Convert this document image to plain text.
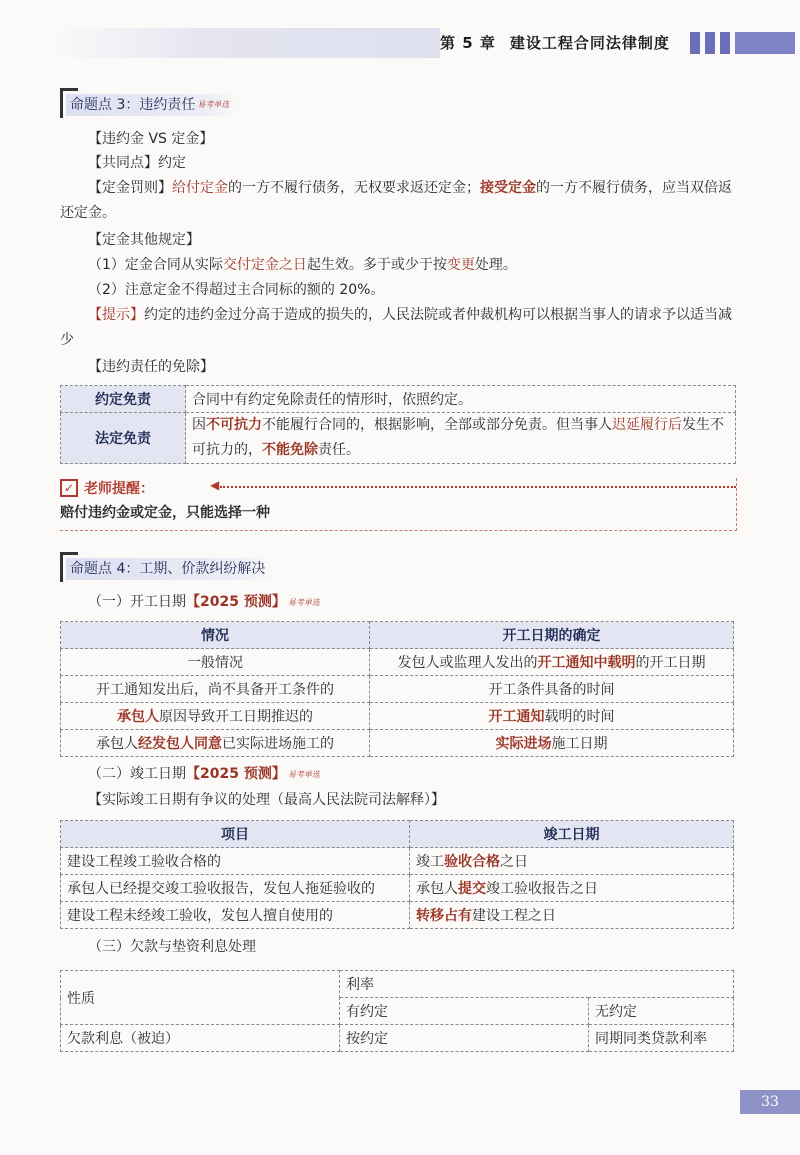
第 5 章 建设工程合同法律制度
命题点 3：违约责任 $^{易考单选}$
【违约金 VS 定金】
【共同点】约定
【定金罚则】给付定金的一方不履行债务，无权要求返还定金；接受定金的一方不履行债务，应当双倍返还定金。
【定金其他规定】
（1）定金合同从实际交付定金之日起生效。多于或少于按变更处理。
（2）注意定金不得超过主合同标的额的 20%。
【提示】约定的违约金过分高于造成的损失的，人民法院或者仲裁机构可以根据当事人的请求予以适当减少
【违约责任的免除】
约定免责	合同中有约定免除责任的情形时，依照约定。
法定免责	因不可抗力不能履行合同的，根据影响，全部或部分免责。但当事人迟延履行后发生不可抗力的，不能免除责任。
✓ 老师提醒：	◀
赔付违约金或定金，只能选择一种
命题点 4：工期、价款纠纷解决
（一）开工日期【2025 预测】 $^{易考单选}$
情况	开工日期的确定
一般情况	发包人或监理人发出的开工通知中载明的开工日期
开工通知发出后，尚不具备开工条件的	开工条件具备的时间
承包人原因导致开工日期推迟的	开工通知载明的时间
承包人经发包人同意已实际进场施工的	实际进场施工日期
（二）竣工日期【2025 预测】 $^{易考单选}$
【实际竣工日期有争议的处理（最高人民法院司法解释）】
项目	竣工日期
建设工程竣工验收合格的	竣工验收合格之日
承包人已经提交竣工验收报告，发包人拖延验收的	承包人提交竣工验收报告之日
建设工程未经竣工验收，发包人擅自使用的	转移占有建设工程之日
（三）欠款与垫资利息处理
性质	利率	
	有约定	无约定
欠款利息（被迫）	按约定	同期同类贷款利率
33
